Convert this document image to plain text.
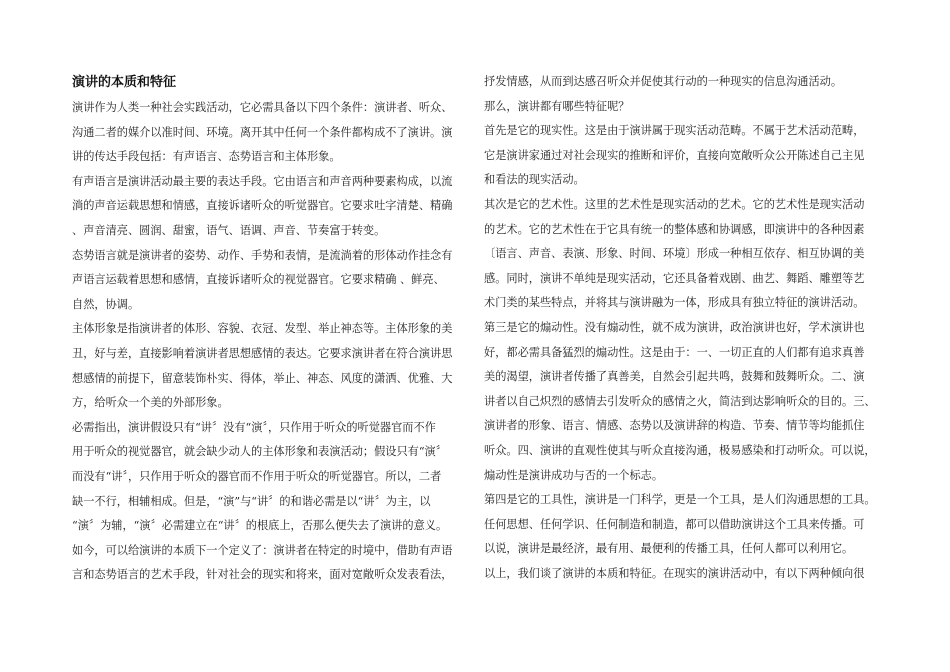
演讲的本质和特征
演讲作为人类一种社会实践活动，它必需具备以下四个条件：演讲者、听众、
沟通二者的媒介以准时间、环境。离开其中任何一个条件都构成不了演讲。演
讲的传达手段包括：有声语言、态势语言和主体形象。
有声语言是演讲活动最主要的表达手段。它由语言和声音两种要素构成，以流
淌的声音运载思想和情感，直接诉诸听众的听觉器官。它要求吐字清楚、精确
、声音清亮、圆润、甜蜜，语气、语调、声音、节奏富于转变。
态势语言就是演讲者的姿势、动作、手势和表情，是流淌着的形体动作挂念有
声语言运载着思想和感情，直接诉诸听众的视觉器官。它要求精确 、鲜亮、
自然，协调。
主体形象是指演讲者的体形、容貌、衣冠、发型、举止神态等。主体形象的美
丑，好与差，直接影响着演讲者思想感情的表达。它要求演讲者在符合演讲思
想感情的前提下，留意装饰朴实、得体，举止、神态、风度的潇洒、优雅、大
方，给听众一个美的外部形象。
必需指出，演讲假设只有“讲〞没有“演〞，只作用于听众的听觉器官而不作
用于听众的视觉器官，就会缺少动人的主体形象和表演活动；假设只有“演〞
而没有“讲〞，只作用于听众的器官而不作用于听众的听觉器官。所以，二者
缺一不行，相辅相成。但是，“演”与“讲〞的和谐必需是以“讲〞为主，以
“演〞为辅，“演〞必需建立在“讲〞的根底上，否那么便失去了演讲的意义。
如今，可以给演讲的本质下一个定义了：演讲者在特定的时境中，借助有声语
言和态势语言的艺术手段，针对社会的现实和将来，面对宽敞听众发表看法，
抒发情感，从而到达感召听众并促使其行动的一种现实的信息沟通活动。
那么，演讲都有哪些特征呢？
首先是它的现实性。这是由于演讲属于现实活动范畴。不属于艺术活动范畴，
它是演讲家通过对社会现实的推断和评价，直接向宽敞听众公开陈述自己主见
和看法的现实活动。
其次是它的艺术性。这里的艺术性是现实活动的艺术。它的艺术性是现实活动
的艺术。它的艺术性在于它具有统一的整体感和协调感，即演讲中的各种因素
〔语言、声音、表演、形象、时间、环境〕形成一种相互依存、相互协调的美
感。同时，演讲不单纯是现实活动，它还具备着戏剧、曲艺、舞蹈、雕塑等艺
术门类的某些特点，并将其与演讲融为一体，形成具有独立特征的演讲活动。
第三是它的煽动性。没有煽动性，就不成为演讲，政治演讲也好，学术演讲也
好，都必需具备猛烈的煽动性。这是由于：一、一切正直的人们都有追求真善
美的渴望，演讲者传播了真善美，自然会引起共鸣，鼓舞和鼓舞听众。二、演
讲者以自己炽烈的感情去引发听众的感情之火，简洁到达影响听众的目的。三、
演讲者的形象、语言、情感、态势以及演讲辞的构造、节奏、情节等均能抓住
听众。四、演讲的直观性使其与听众直接沟通，极易感染和打动听众。可以说，
煽动性是演讲成功与否的一个标志。
第四是它的工具性，演讲是一门科学，更是一个工具，是人们沟通思想的工具。
任何思想、任何学识、任何制造和制造，都可以借助演讲这个工具来传播。可
以说，演讲是最经济，最有用、最便利的传播工具，任何人都可以利用它。
以上，我们谈了演讲的本质和特征。在现实的演讲活动中，有以下两种倾向很
